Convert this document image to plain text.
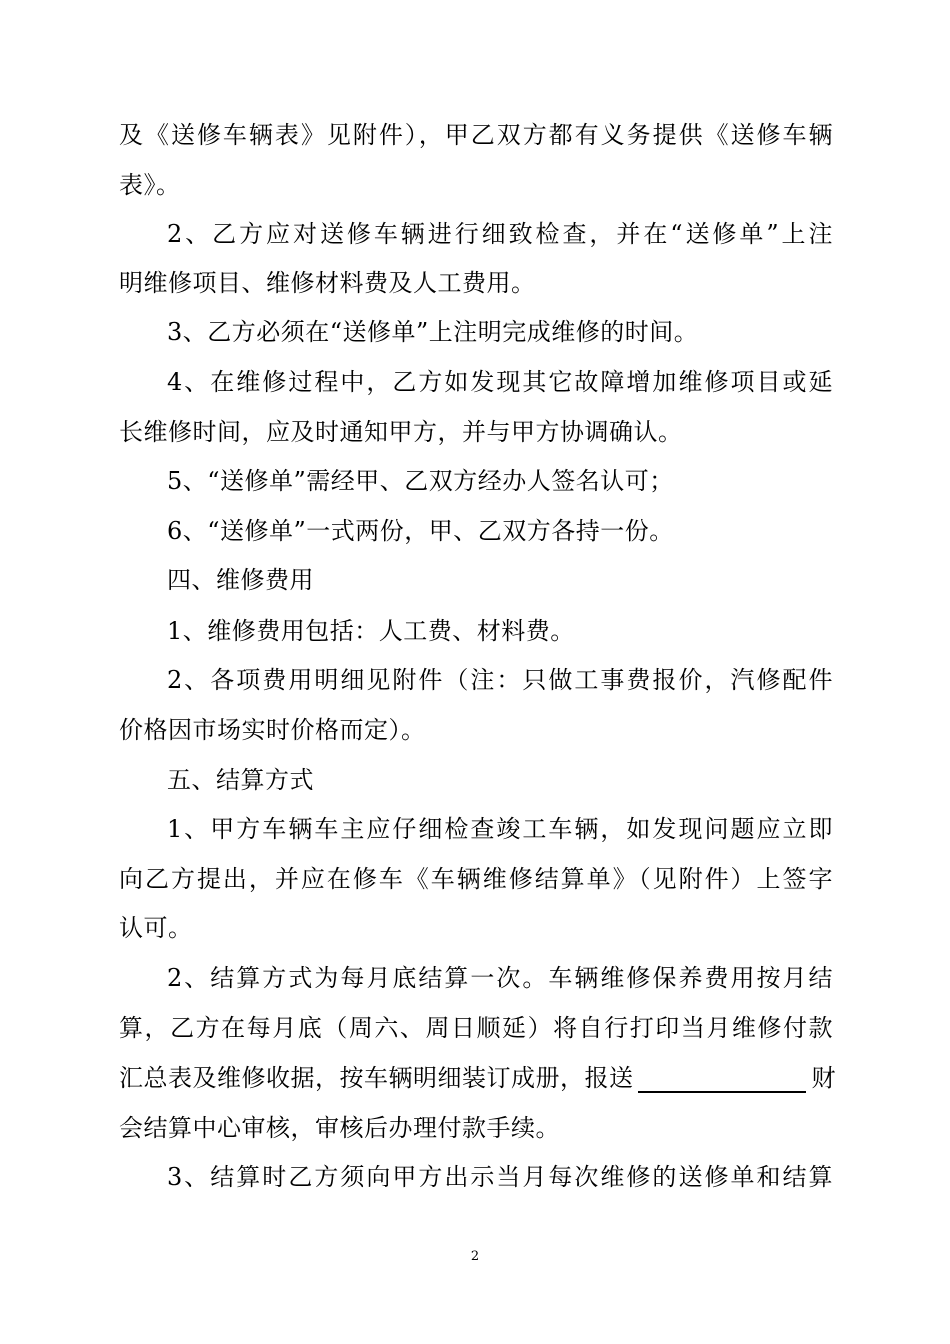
及《送修车辆表》见附件），甲乙双方都有义务提供《送修车辆
表》。
2、乙方应对送修车辆进行细致检查，并在“送修单”上注
明维修项目、维修材料费及人工费用。
3、乙方必须在“送修单”上注明完成维修的时间。
4、在维修过程中，乙方如发现其它故障增加维修项目或延
长维修时间，应及时通知甲方，并与甲方协调确认。
5、“送修单”需经甲、乙双方经办人签名认可；
6、“送修单”一式两份，甲、乙双方各持一份。
四、维修费用
1、维修费用包括：人工费、材料费。
2、各项费用明细见附件（注：只做工事费报价，汽修配件
价格因市场实时价格而定）。
五、结算方式
1、甲方车辆车主应仔细检查竣工车辆，如发现问题应立即
向乙方提出，并应在修车《车辆维修结算单》（见附件）上签字
认可。
2、结算方式为每月底结算一次。车辆维修保养费用按月结
算，乙方在每月底（周六、周日顺延）将自行打印当月维修付款
汇总表及维修收据，按车辆明细装订成册，报送	财
会结算中心审核，审核后办理付款手续。
3、结算时乙方须向甲方出示当月每次维修的送修单和结算
2
